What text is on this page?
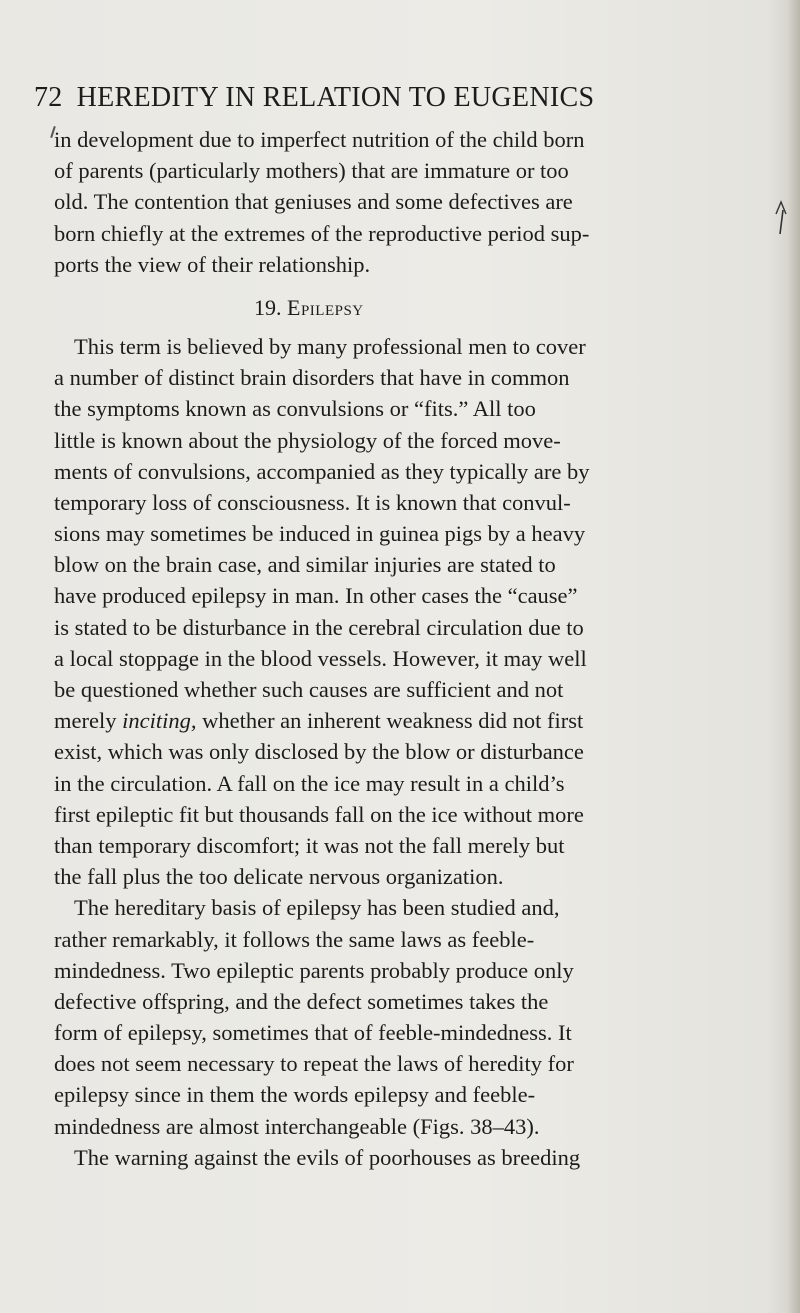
72 HEREDITY IN RELATION TO EUGENICS
in development due to imperfect nutrition of the child born
of parents (particularly mothers) that are immature or too
old. The contention that geniuses and some defectives are
born chiefly at the extremes of the reproductive period sup-
ports the view of their relationship.
19. Epilepsy
This term is believed by many professional men to cover
a number of distinct brain disorders that have in common
the symptoms known as convulsions or “fits.” All too
little is known about the physiology of the forced move-
ments of convulsions, accompanied as they typically are by
temporary loss of consciousness. It is known that convul-
sions may sometimes be induced in guinea pigs by a heavy
blow on the brain case, and similar injuries are stated to
have produced epilepsy in man. In other cases the “cause”
is stated to be disturbance in the cerebral circulation due to
a local stoppage in the blood vessels. However, it may well
be questioned whether such causes are sufficient and not
merely inciting, whether an inherent weakness did not first
exist, which was only disclosed by the blow or disturbance
in the circulation. A fall on the ice may result in a child’s
first epileptic fit but thousands fall on the ice without more
than temporary discomfort; it was not the fall merely but
the fall plus the too delicate nervous organization.
The hereditary basis of epilepsy has been studied and,
rather remarkably, it follows the same laws as feeble-
mindedness. Two epileptic parents probably produce only
defective offspring, and the defect sometimes takes the
form of epilepsy, sometimes that of feeble-mindedness. It
does not seem necessary to repeat the laws of heredity for
epilepsy since in them the words epilepsy and feeble-
mindedness are almost interchangeable (Figs. 38–43).
The warning against the evils of poorhouses as breeding
